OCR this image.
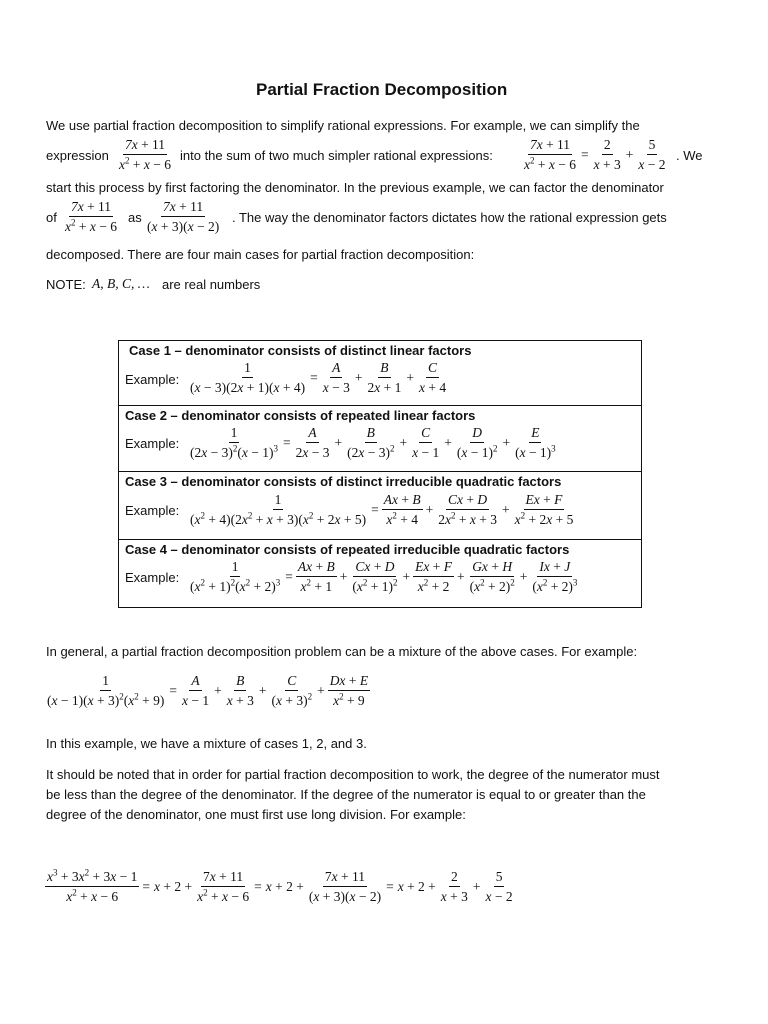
Partial Fraction Decomposition
We use partial fraction decomposition to simplify rational expressions. For example, we can simplify the
expression $\frac{7x + 11}{x^2 + x - 6}$ into the sum of two much simpler rational expressions: $\frac{7x + 11}{x^2 + x - 6} = \frac{2}{x + 3} + \frac{5}{x - 2}$ . We
start this process by first factoring the denominator. In the previous example, we can factor the denominator
of $\frac{7x + 11}{x^2 + x - 6}$ as $\frac{7x + 11}{(x + 3)(x - 2)}$ . The way the denominator factors dictates how the rational expression gets
decomposed. There are four main cases for partial fraction decomposition:
NOTE: A, B, C, … are real numbers
Case 1 – denominator consists of distinct linear factors
Example: $\frac{1}{(x - 3)(2x + 1)(x + 4)} = \frac{A}{x - 3} + \frac{B}{2x + 1} + \frac{C}{x + 4}$
Case 2 – denominator consists of repeated linear factors
Example: $\frac{1}{(2x - 3)^2(x - 1)^3} = \frac{A}{2x - 3} + \frac{B}{(2x - 3)^2} + \frac{C}{x - 1} + \frac{D}{(x - 1)^2} + \frac{E}{(x - 1)^3}$
Case 3 – denominator consists of distinct irreducible quadratic factors
Example: $\frac{1}{(x^2 + 4)(2x^2 + x + 3)(x^2 + 2x + 5)} = \frac{Ax + B}{x^2 + 4} + \frac{Cx + D}{2x^2 + x + 3} + \frac{Ex + F}{x^2 + 2x + 5}$
Case 4 – denominator consists of repeated irreducible quadratic factors
Example: $\frac{1}{(x^2 + 1)^2(x^2 + 2)^3} = \frac{Ax + B}{x^2 + 1} + \frac{Cx + D}{(x^2 + 1)^2} + \frac{Ex + F}{x^2 + 2} + \frac{Gx + H}{(x^2 + 2)^2} + \frac{Ix + J}{(x^2 + 2)^3}$
In general, a partial fraction decomposition problem can be a mixture of the above cases. For example:
$\frac{1}{(x - 1)(x + 3)^2(x^2 + 9)} = \frac{A}{x - 1} + \frac{B}{x + 3} + \frac{C}{(x + 3)^2} + \frac{Dx + E}{x^2 + 9}$
In this example, we have a mixture of cases 1, 2, and 3.
It should be noted that in order for partial fraction decomposition to work, the degree of the numerator must
be less than the degree of the denominator. If the degree of the numerator is equal to or greater than the
degree of the denominator, one must first use long division. For example:
$\frac{x^3 + 3x^2 + 3x - 1}{x^2 + x - 6} = x + 2 + \frac{7x + 11}{x^2 + x - 6} = x + 2 + \frac{7x + 11}{(x + 3)(x - 2)} = x + 2 + \frac{2}{x + 3} + \frac{5}{x - 2}$
